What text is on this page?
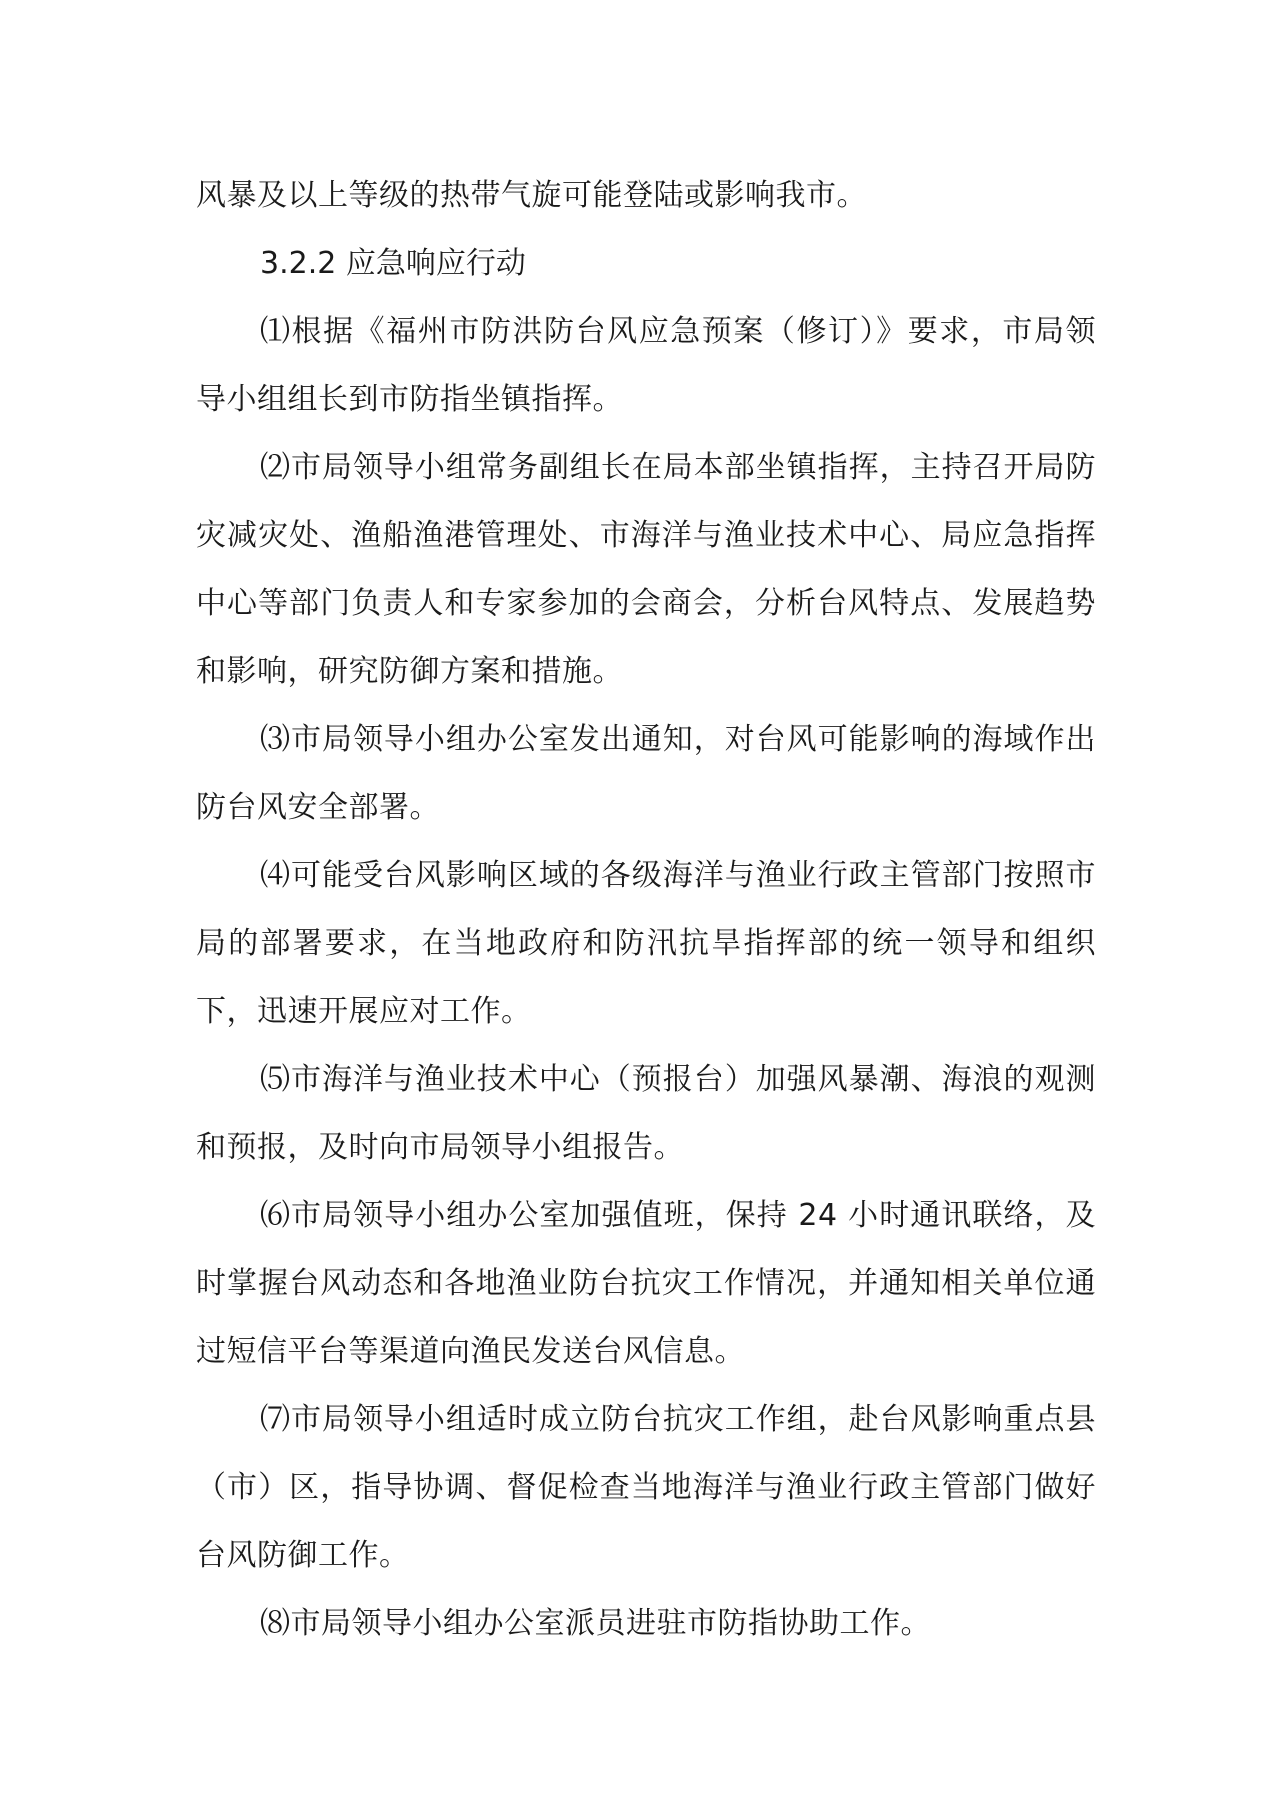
风暴及以上等级的热带气旋可能登陆或影响我市。

3.2.2 应急响应行动

⑴根据《福州市防洪防台风应急预案（修订）》要求，市局领导小组组长到市防指坐镇指挥。

⑵市局领导小组常务副组长在局本部坐镇指挥，主持召开局防灾减灾处、渔船渔港管理处、市海洋与渔业技术中心、局应急指挥中心等部门负责人和专家参加的会商会，分析台风特点、发展趋势和影响，研究防御方案和措施。

⑶市局领导小组办公室发出通知，对台风可能影响的海域作出防台风安全部署。

⑷可能受台风影响区域的各级海洋与渔业行政主管部门按照市局的部署要求，在当地政府和防汛抗旱指挥部的统一领导和组织下，迅速开展应对工作。

⑸市海洋与渔业技术中心（预报台）加强风暴潮、海浪的观测和预报，及时向市局领导小组报告。

⑹市局领导小组办公室加强值班，保持 24 小时通讯联络，及时掌握台风动态和各地渔业防台抗灾工作情况，并通知相关单位通过短信平台等渠道向渔民发送台风信息。

⑺市局领导小组适时成立防台抗灾工作组，赴台风影响重点县（市）区，指导协调、督促检查当地海洋与渔业行政主管部门做好台风防御工作。

⑻市局领导小组办公室派员进驻市防指协助工作。
